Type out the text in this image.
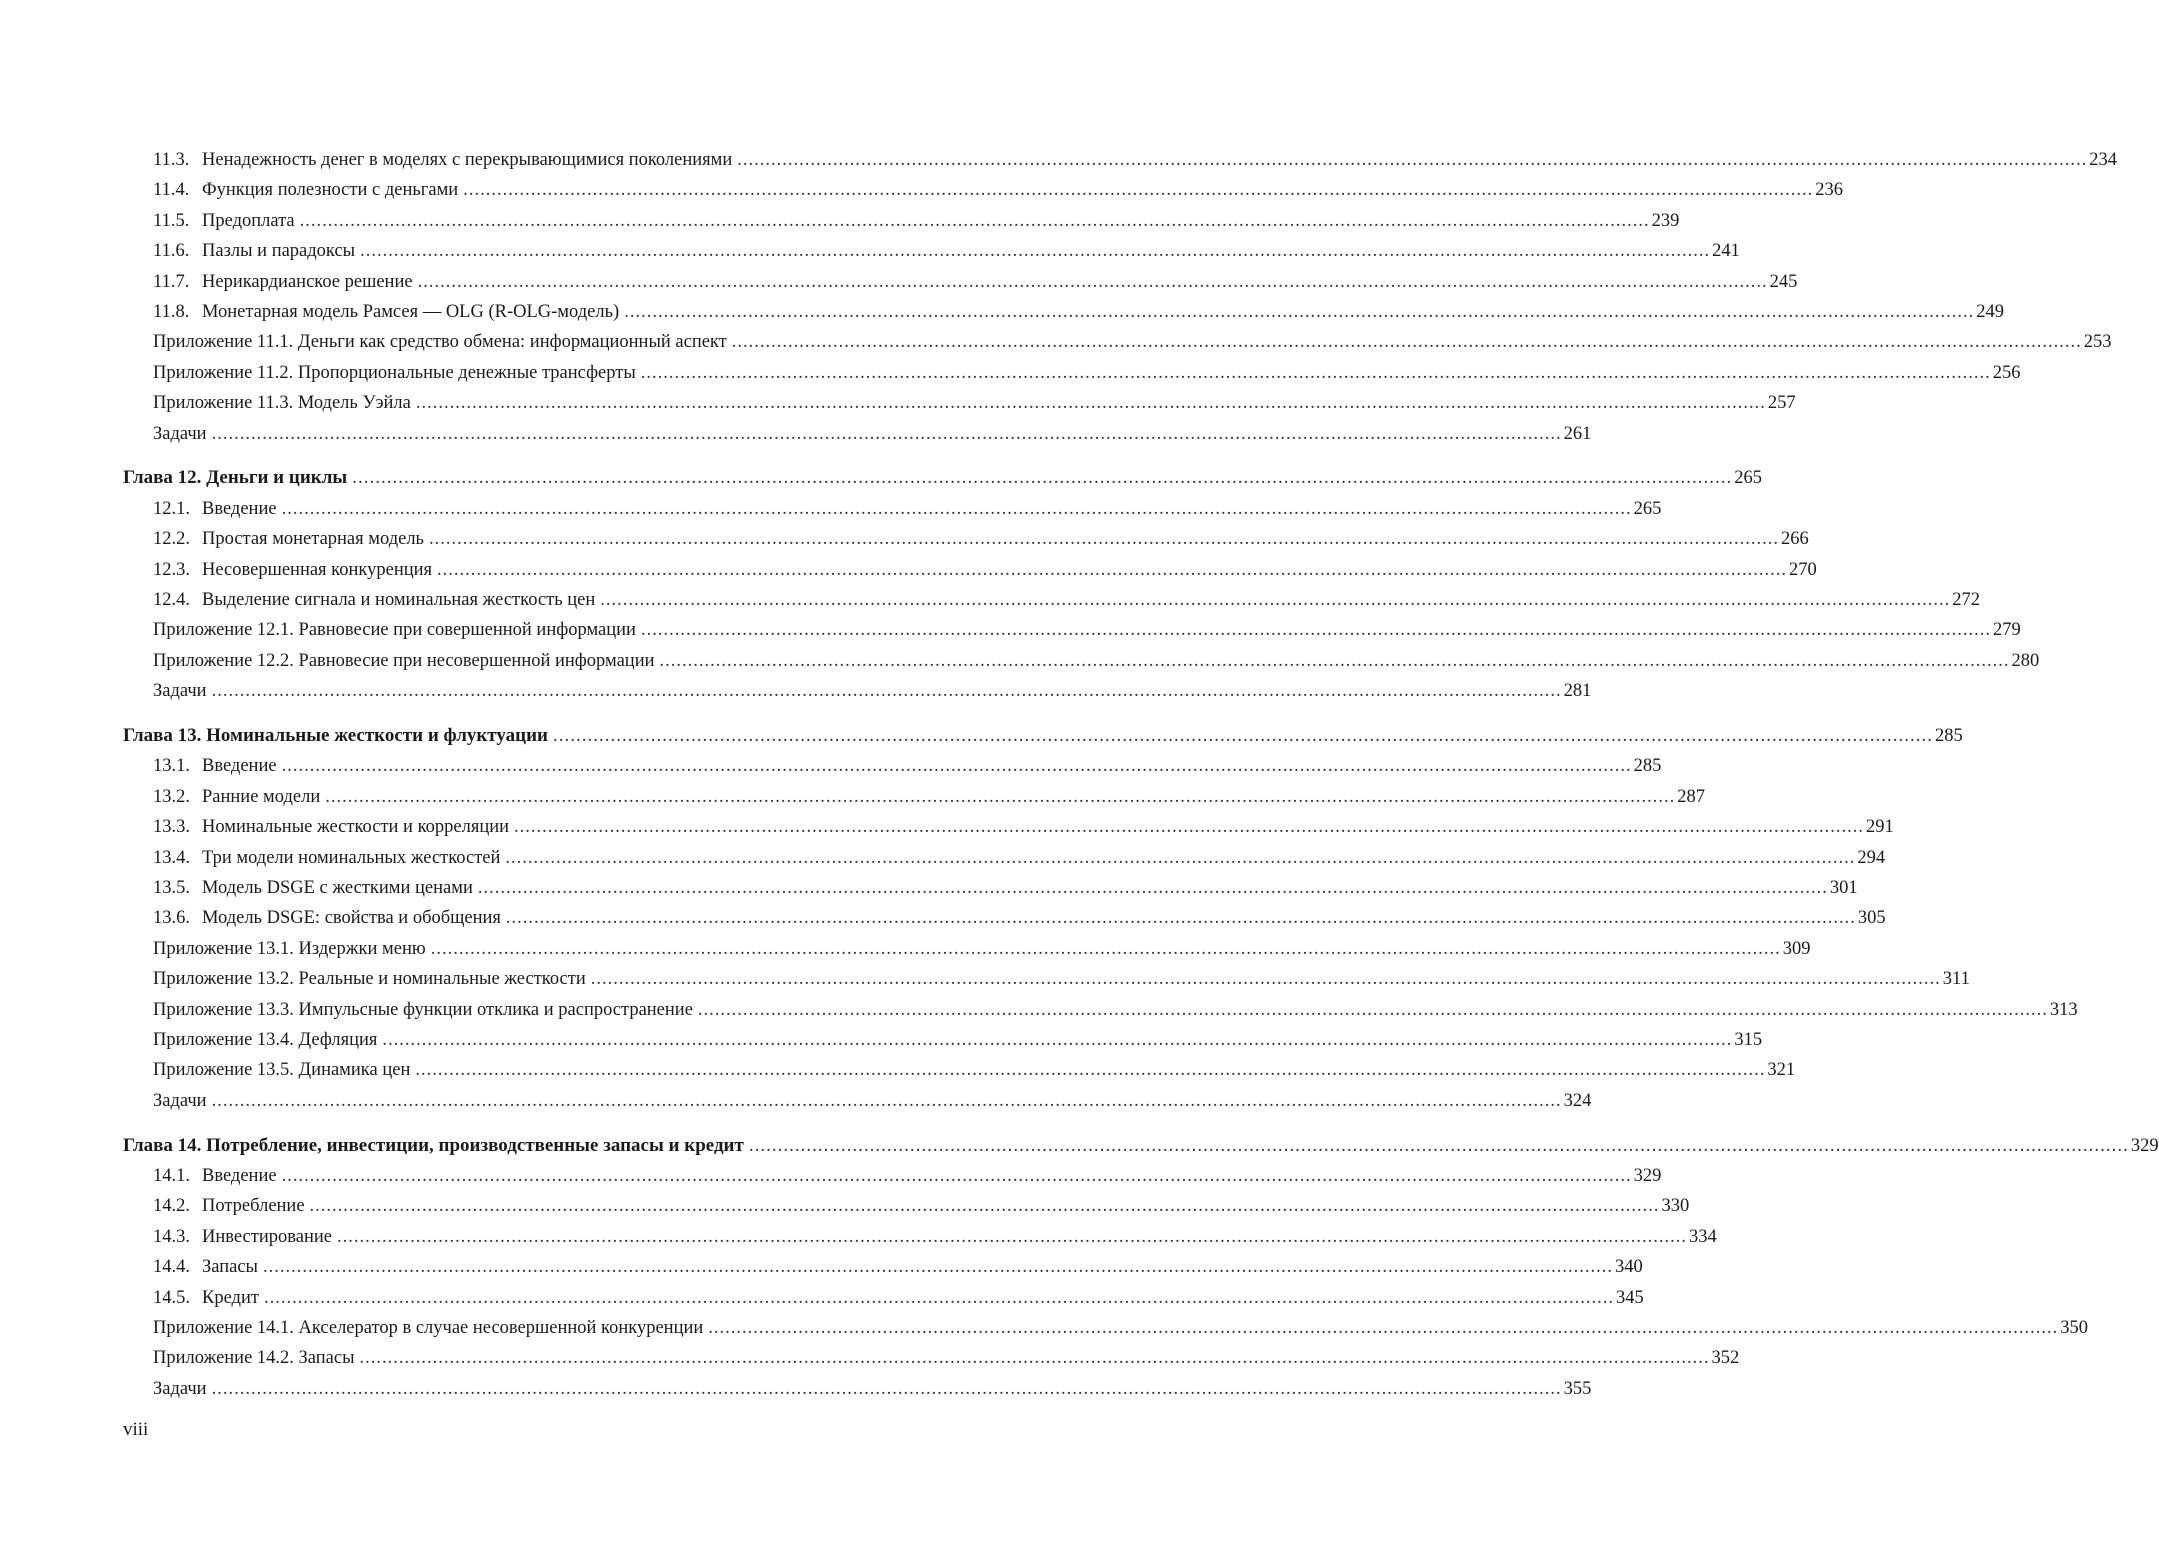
11.3. Ненадежность денег в моделях с перекрывающимися поколениями .....	234
11.4. Функция полезности с деньгами .....	236
11.5. Предоплата .....	239
11.6. Пазлы и парадоксы .....	241
11.7. Нерикардианское решение .....	245
11.8. Монетарная модель Рамсея — OLG (R-OLG-модель) .....	249
Приложение 11.1. Деньги как средство обмена: информационный аспект .....	253
Приложение 11.2. Пропорциональные денежные трансферты .....	256
Приложение 11.3. Модель Уэйла .....	257
Задачи .....	261
Глава 12. Деньги и циклы .....	265
12.1. Введение .....	265
12.2. Простая монетарная модель .....	266
12.3. Несовершенная конкуренция .....	270
12.4. Выделение сигнала и номинальная жесткость цен .....	272
Приложение 12.1. Равновесие при совершенной информации .....	279
Приложение 12.2. Равновесие при несовершенной информации .....	280
Задачи .....	281
Глава 13. Номинальные жесткости и флуктуации .....	285
13.1. Введение .....	285
13.2. Ранние модели .....	287
13.3. Номинальные жесткости и корреляции .....	291
13.4. Три модели номинальных жесткостей .....	294
13.5. Модель DSGE с жесткими ценами .....	301
13.6. Модель DSGE: свойства и обобщения .....	305
Приложение 13.1. Издержки меню .....	309
Приложение 13.2. Реальные и номинальные жесткости .....	311
Приложение 13.3. Импульсные функции отклика и распространение .....	313
Приложение 13.4. Дефляция .....	315
Приложение 13.5. Динамика цен .....	321
Задачи .....	324
Глава 14. Потребление, инвестиции, производственные запасы и кредит .....	329
14.1. Введение .....	329
14.2. Потребление .....	330
14.3. Инвестирование .....	334
14.4. Запасы .....	340
14.5. Кредит .....	345
Приложение 14.1. Акселератор в случае несовершенной конкуренции .....	350
Приложение 14.2. Запасы .....	352
Задачи .....	355
viii
